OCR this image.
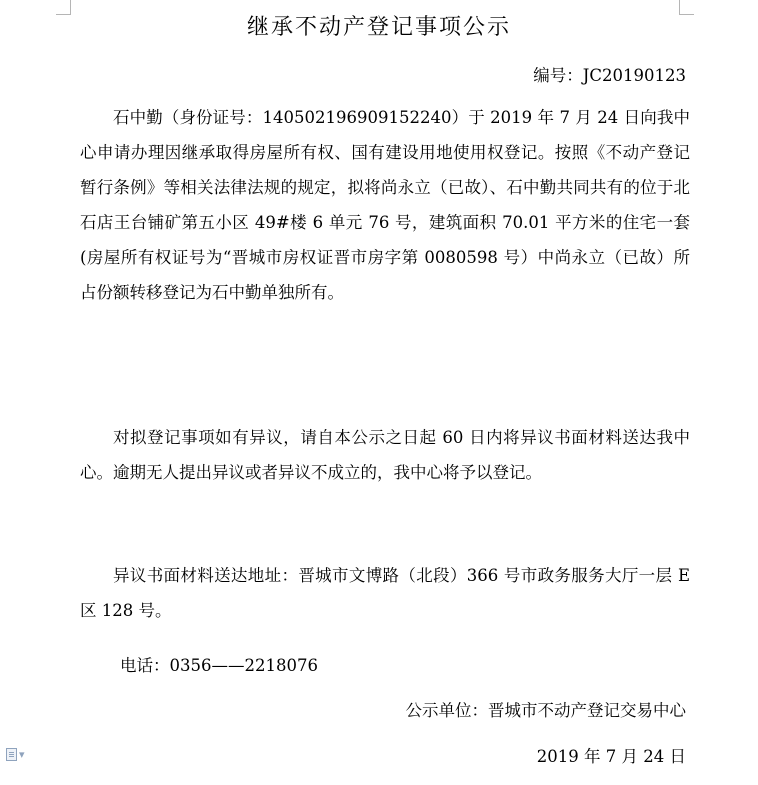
继承不动产登记事项公示
编号：JC20190123
石中勤（身份证号：140502196909152240）于 2019 年 7 月 24 日向我中心申请办理因继承取得房屋所有权、国有建设用地使用权登记。按照《不动产登记暂行条例》等相关法律法规的规定，拟将尚永立（已故）、石中勤共同共有的位于北石店王台铺矿第五小区 49#楼 6 单元 76 号，建筑面积 70.01 平方米的住宅一套(房屋所有权证号为“晋城市房权证晋市房字第 0080598 号）中尚永立（已故）所占份额转移登记为石中勤单独所有。
对拟登记事项如有异议，请自本公示之日起 60 日内将异议书面材料送达我中心。逾期无人提出异议或者异议不成立的，我中心将予以登记。
异议书面材料送达地址：晋城市文博路（北段）366 号市政务服务大厅一层 E 区 128 号。
电话：0356——2218076
公示单位：晋城市不动产登记交易中心
2019 年 7 月 24 日
▾
